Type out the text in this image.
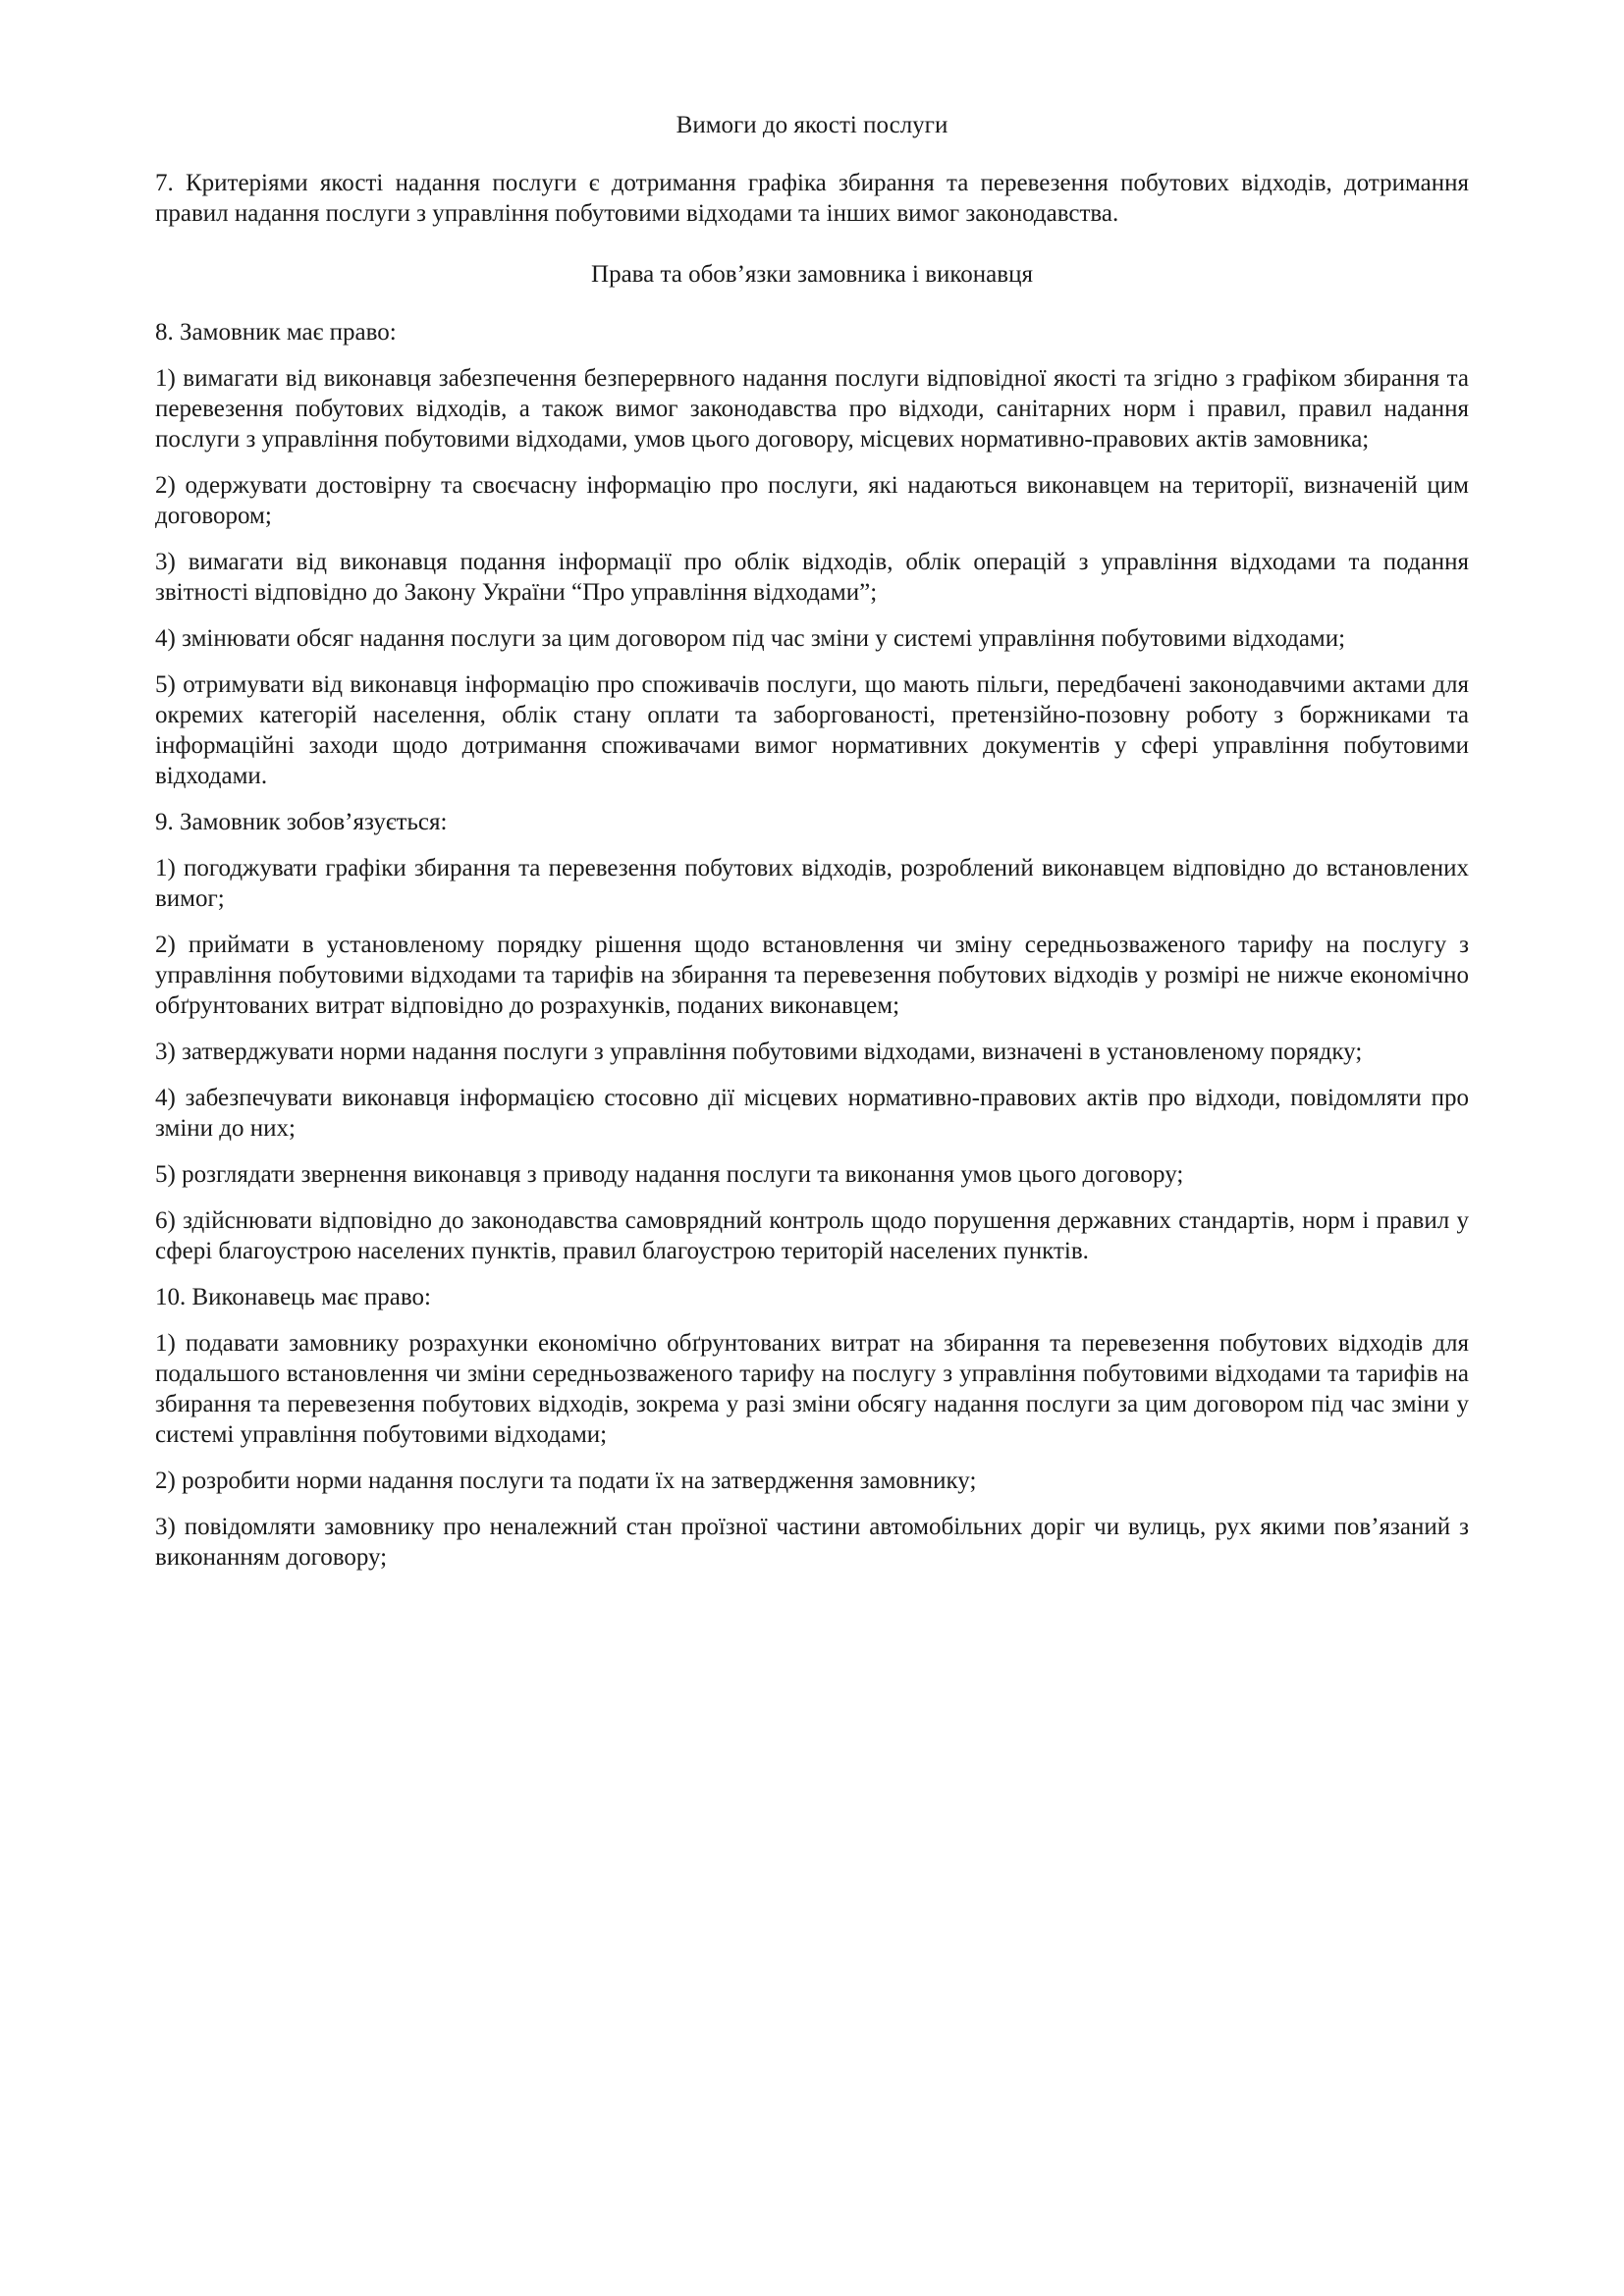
Вимоги до якості послуги

7. Критеріями якості надання послуги є дотримання графіка збирання та перевезення побутових відходів, дотримання правил надання послуги з управління побутовими відходами та інших вимог законодавства.

Права та обов’язки замовника і виконавця

8. Замовник має право:

1) вимагати від виконавця забезпечення безперервного надання послуги відповідної якості та згідно з графіком збирання та перевезення побутових відходів, а також вимог законодавства про відходи, санітарних норм і правил, правил надання послуги з управління побутовими відходами, умов цього договору, місцевих нормативно-правових актів замовника;

2) одержувати достовірну та своєчасну інформацію про послуги, які надаються виконавцем на території, визначеній цим договором;

3) вимагати від виконавця подання інформації про облік відходів, облік операцій з управління відходами та подання звітності відповідно до Закону України “Про управління відходами”;

4) змінювати обсяг надання послуги за цим договором під час зміни у системі управління побутовими відходами;

5) отримувати від виконавця інформацію про споживачів послуги, що мають пільги, передбачені законодавчими актами для окремих категорій населення, облік стану оплати та заборгованості, претензійно-позовну роботу з боржниками та інформаційні заходи щодо дотримання споживачами вимог нормативних документів у сфері управління побутовими відходами.

9. Замовник зобов’язується:

1) погоджувати графіки збирання та перевезення побутових відходів, розроблений виконавцем відповідно до встановлених вимог;

2) приймати в установленому порядку рішення щодо встановлення чи зміну середньозваженого тарифу на послугу з управління побутовими відходами та тарифів на збирання та перевезення побутових відходів у розмірі не нижче економічно обґрунтованих витрат відповідно до розрахунків, поданих виконавцем;

3) затверджувати норми надання послуги з управління побутовими відходами, визначені в установленому порядку;

4) забезпечувати виконавця інформацією стосовно дії місцевих нормативно-правових актів про відходи, повідомляти про зміни до них;

5) розглядати звернення виконавця з приводу надання послуги та виконання умов цього договору;

6) здійснювати відповідно до законодавства самоврядний контроль щодо порушення державних стандартів, норм і правил у сфері благоустрою населених пунктів, правил благоустрою територій населених пунктів.

10. Виконавець має право:

1) подавати замовнику розрахунки економічно обґрунтованих витрат на збирання та перевезення побутових відходів для подальшого встановлення чи зміни середньозваженого тарифу на послугу з управління побутовими відходами та тарифів на збирання та перевезення побутових відходів, зокрема у разі зміни обсягу надання послуги за цим договором під час зміни у системі управління побутовими відходами;

2) розробити норми надання послуги та подати їх на затвердження замовнику;

3) повідомляти замовнику про неналежний стан проїзної частини автомобільних доріг чи вулиць, рух якими пов’язаний з виконанням договору;
